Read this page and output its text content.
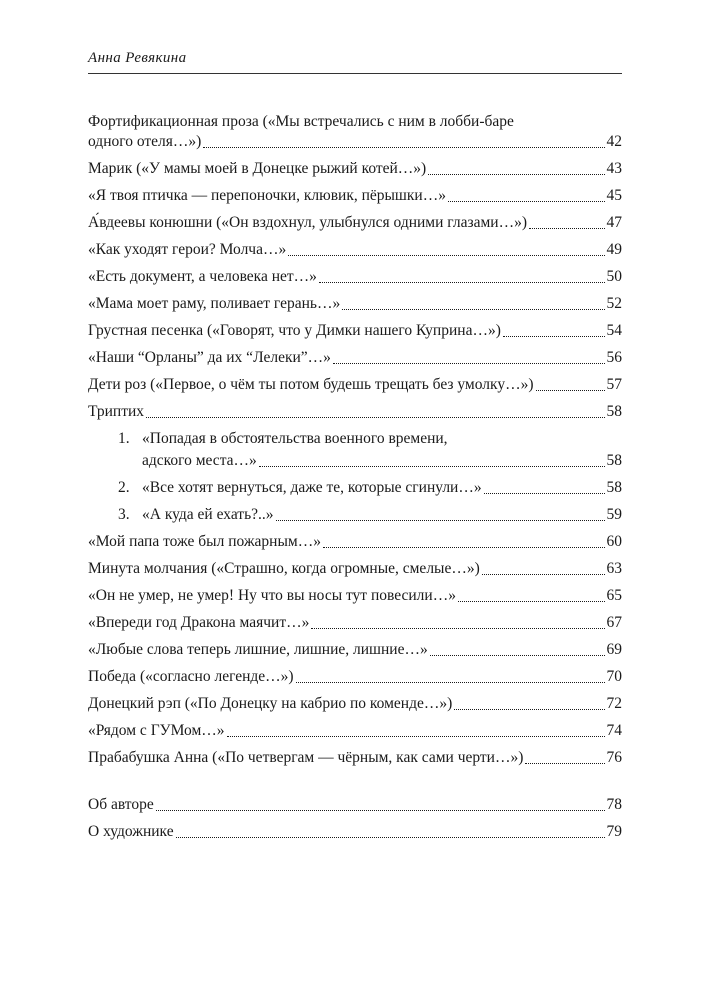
Анна Ревякина
Фортификационная проза («Мы встречались с ним в лобби-баре
одного отеля…»)	42
Марик («У мамы моей в Донецке рыжий котей…»)	43
«Я твоя птичка — перепоночки, клювик, пёрышки…»	45
А́вдеевы конюшни («Он вздохнул, улыбнулся одними глазами…»)	47
«Как уходят герои? Молча…»	49
«Есть документ, а человека нет…»	50
«Мама моет раму, поливает герань…»	52
Грустная песенка («Говорят, что у Димки нашего Куприна…»)	54
«Наши “Орланы” да их “Лелеки”…»	56
Дети роз («Первое, о чём ты потом будешь трещать без умолку…»)	57
Триптих	58
1. «Попадая в обстоятельства военного времени,
адского места…»	58
2. «Все хотят вернуться, даже те, которые сгинули…»	58
3. «А куда ей ехать?..»	59
«Мой папа тоже был пожарным…»	60
Минута молчания («Страшно, когда огромные, смелые…»)	63
«Он не умер, не умер! Ну что вы носы тут повесили…»	65
«Впереди год Дракона маячит…»	67
«Любые слова теперь лишние, лишние, лишние…»	69
Победа («согласно легенде…»)	70
Донецкий рэп («По Донецку на кабрио по коменде…»)	72
«Рядом с ГУМом…»	74
Прабабушка Анна («По четвергам — чёрным, как сами черти…»)	76
Об авторе	78
О художнике	79
